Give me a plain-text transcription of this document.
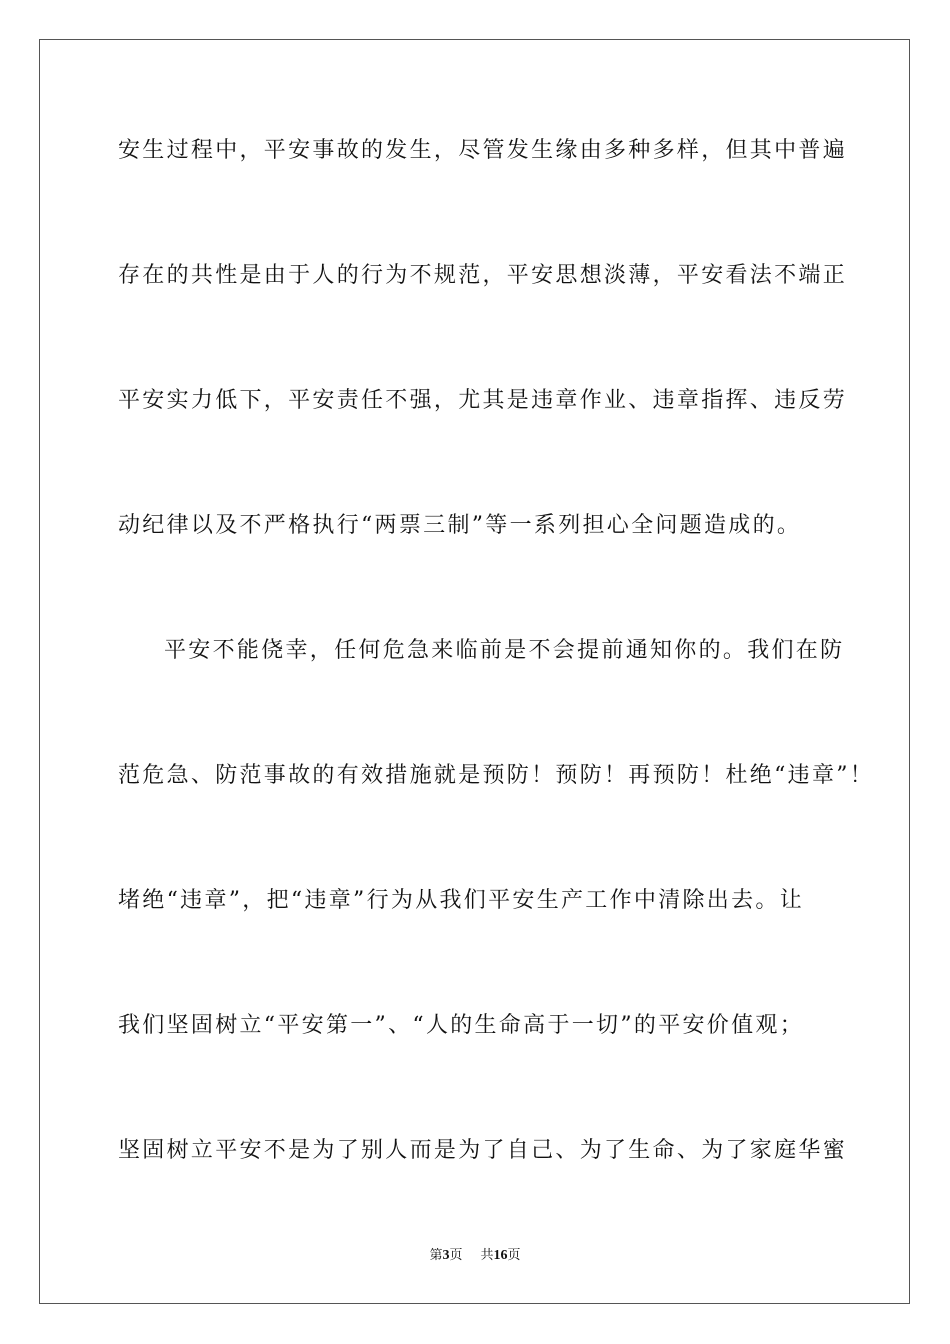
安生过程中，平安事故的发生，尽管发生缘由多种多样，但其中普遍
存在的共性是由于人的行为不规范，平安思想淡薄，平安看法不端正
平安实力低下，平安责任不强，尤其是违章作业、违章指挥、违反劳
动纪律以及不严格执行“两票三制”等一系列担心全问题造成的。
平安不能侥幸，任何危急来临前是不会提前通知你的。我们在防
范危急、防范事故的有效措施就是预防！预防！再预防！杜绝“违章”！
堵绝“违章”，把“违章”行为从我们平安生产工作中清除出去。让
我们坚固树立“平安第一”、“人的生命高于一切”的平安价值观；
坚固树立平安不是为了别人而是为了自己、为了生命、为了家庭华蜜
第3页 共16页
